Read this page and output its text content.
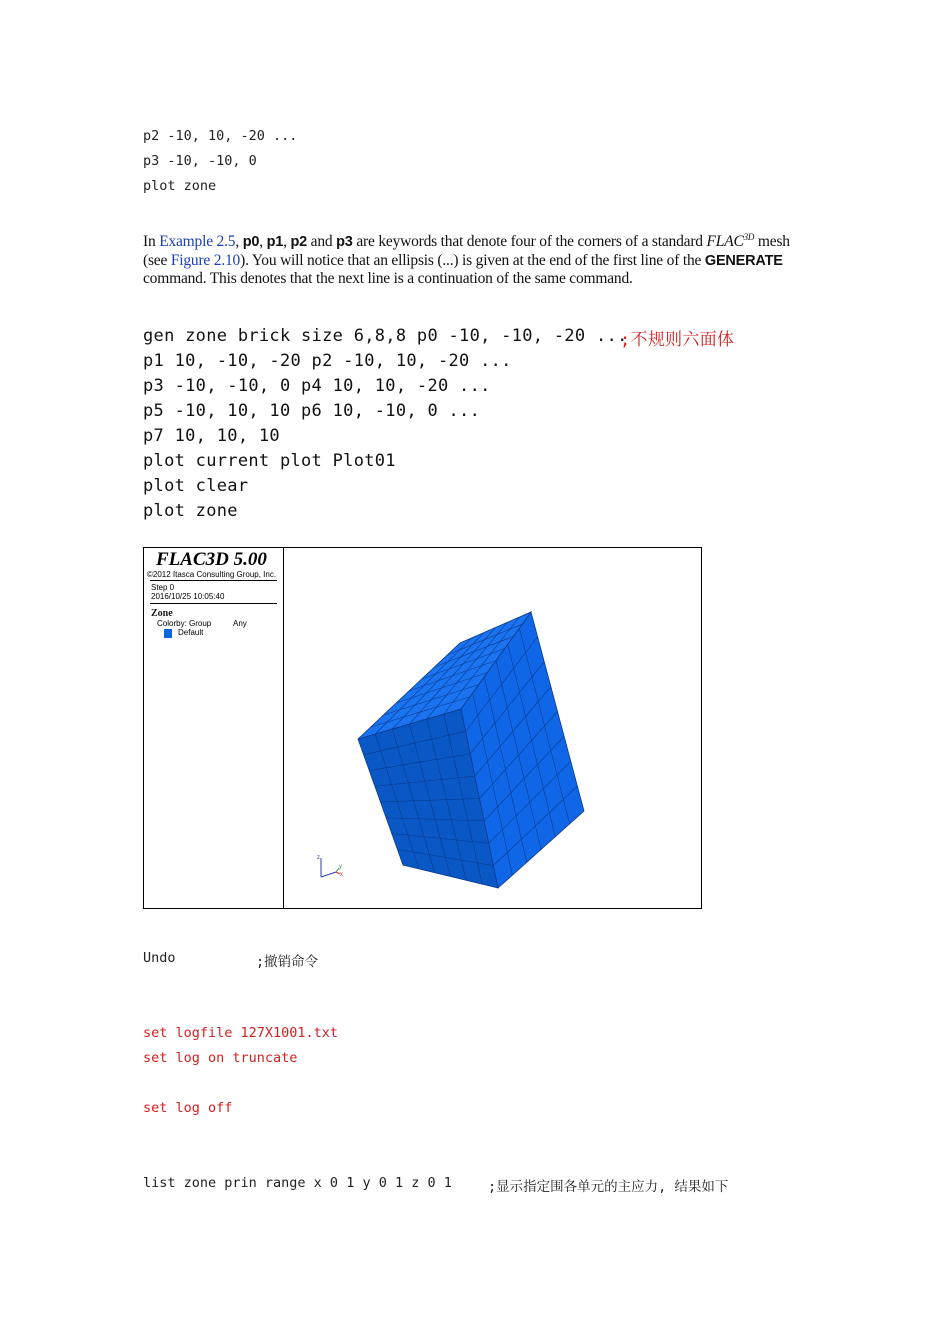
p2 -10, 10, -20 ...
p3 -10, -10, 0
plot zone
In Example 2.5, p0, p1, p2 and p3 are keywords that denote four of the corners of a standard $FLAC^{3D}$ mesh (see Figure 2.10). You will notice that an ellipsis (...) is given at the end of the first line of the GENERATE command. This denotes that the next line is a continuation of the same command.
gen zone brick size 6,8,8 p0 -10, -10, -20 ...
;不规则六面体
p1 10, -10, -20 p2 -10, 10, -20 ...
p3 -10, -10, 0 p4 10, 10, -20 ...
p5 -10, 10, 10 p6 10, -10, 0 ...
p7 10, 10, 10
plot current plot Plot01
plot clear
plot zone
FLAC3D 5.00
©2012 Itasca Consulting Group, Inc.
Step 0
2016/10/25 10:05:40
Zone
Colorby: Group	Any
Default
z
y
x
Undo	;撤销命令
set logfile 127X1001.txt
set log on truncate
set log off
list zone prin range x 0 1 y 0 1 z 0 1	;显示指定围各单元的主应力, 结果如下
